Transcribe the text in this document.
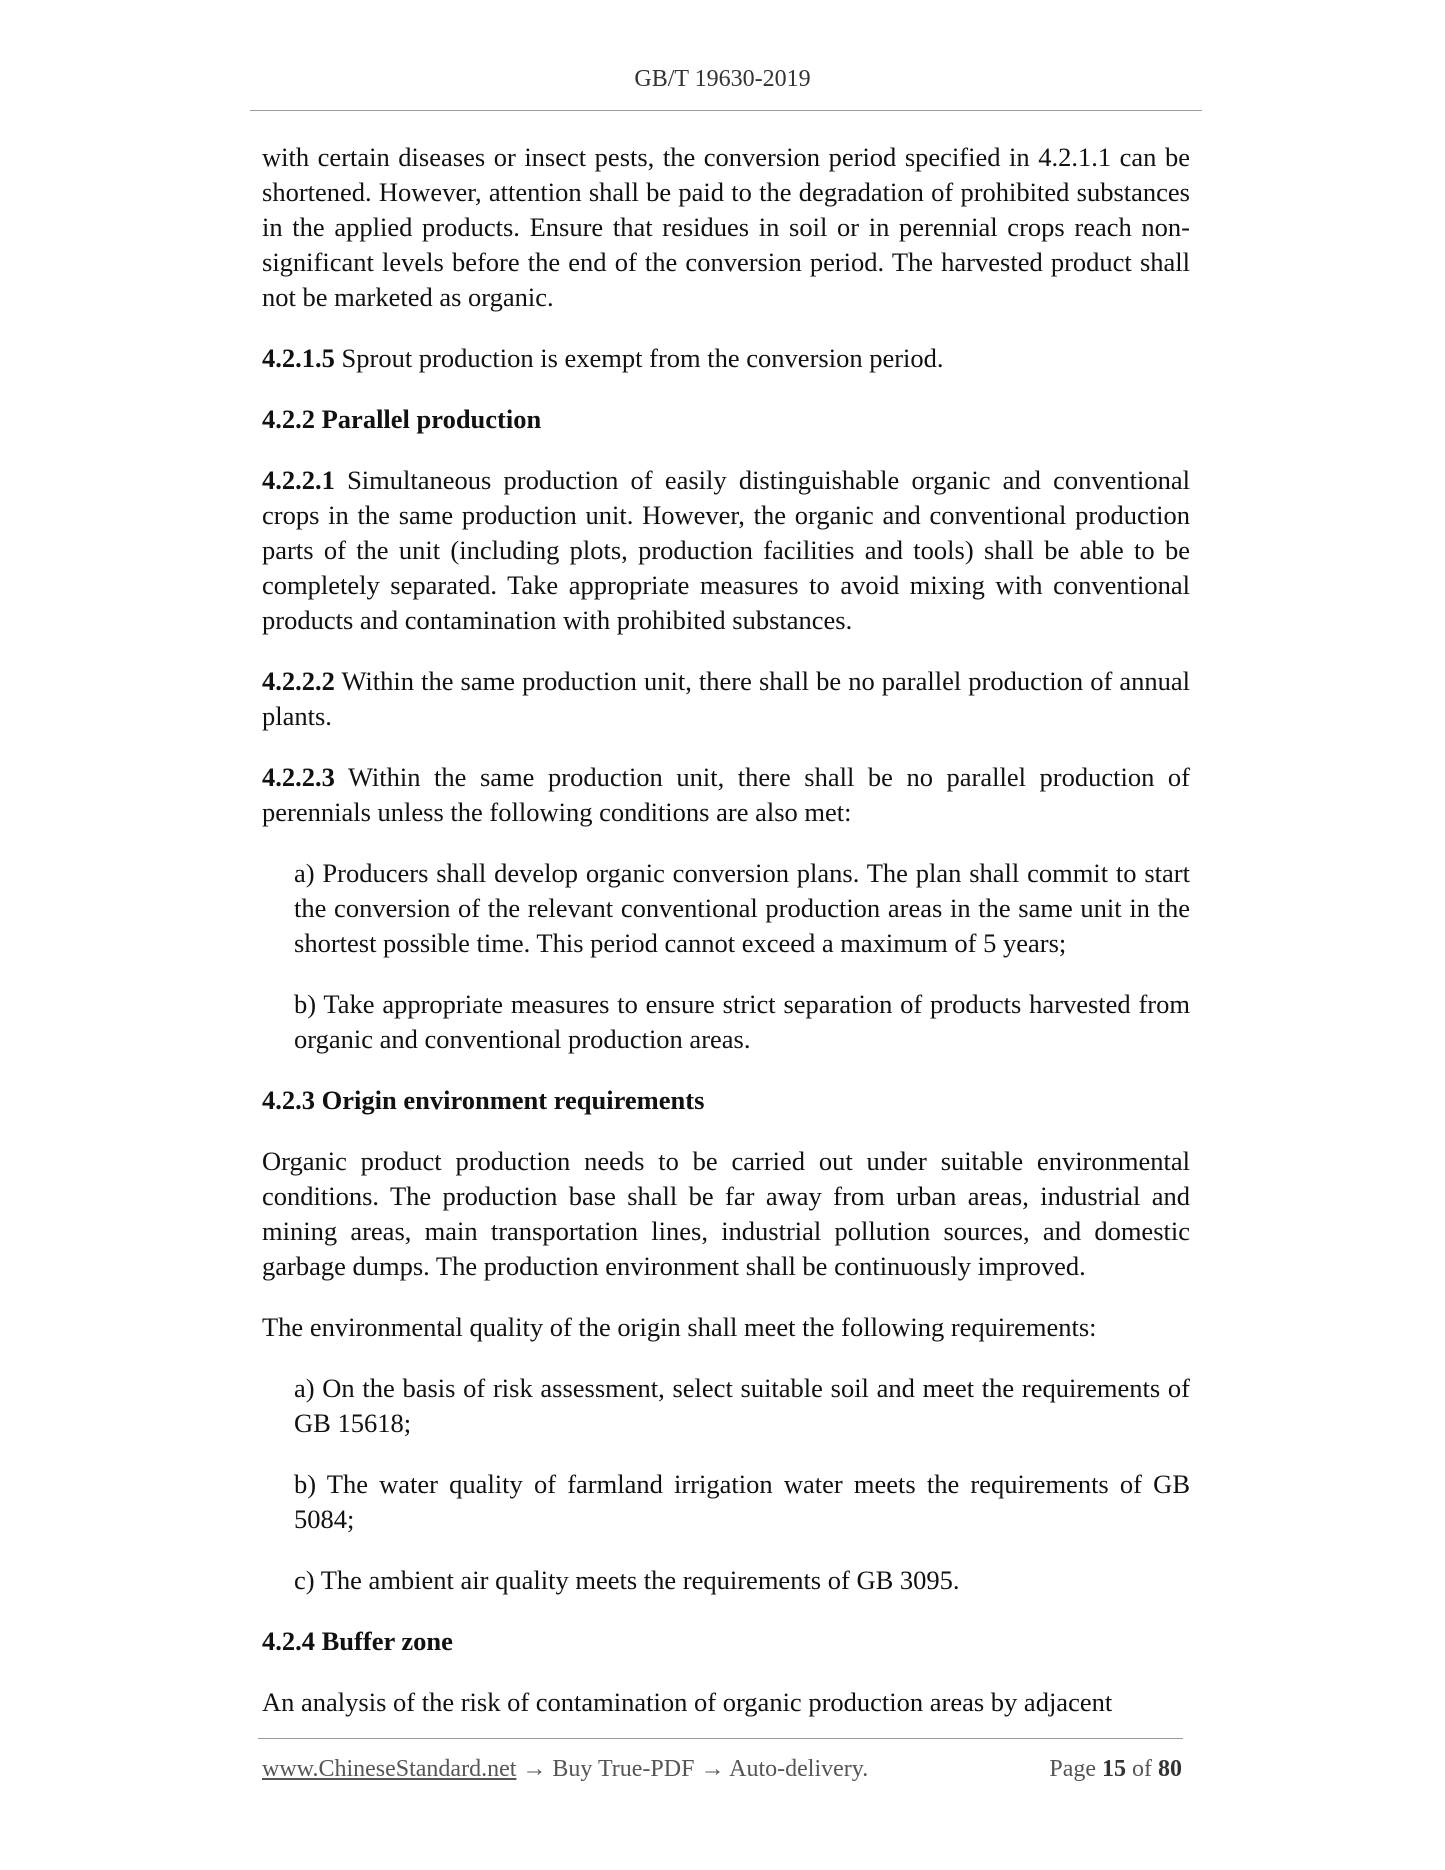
GB/T 19630-2019

with certain diseases or insect pests, the conversion period specified in 4.2.1.1 can be shortened. However, attention shall be paid to the degradation of prohibited substances in the applied products. Ensure that residues in soil or in perennial crops reach non-significant levels before the end of the conversion period. The harvested product shall not be marketed as organic.

4.2.1.5 Sprout production is exempt from the conversion period.

4.2.2 Parallel production

4.2.2.1 Simultaneous production of easily distinguishable organic and conventional crops in the same production unit. However, the organic and conventional production parts of the unit (including plots, production facilities and tools) shall be able to be completely separated. Take appropriate measures to avoid mixing with conventional products and contamination with prohibited substances.

4.2.2.2 Within the same production unit, there shall be no parallel production of annual plants.

4.2.2.3 Within the same production unit, there shall be no parallel production of perennials unless the following conditions are also met:

a) Producers shall develop organic conversion plans. The plan shall commit to start the conversion of the relevant conventional production areas in the same unit in the shortest possible time. This period cannot exceed a maximum of 5 years;

b) Take appropriate measures to ensure strict separation of products harvested from organic and conventional production areas.

4.2.3 Origin environment requirements

Organic product production needs to be carried out under suitable environmental conditions. The production base shall be far away from urban areas, industrial and mining areas, main transportation lines, industrial pollution sources, and domestic garbage dumps. The production environment shall be continuously improved.

The environmental quality of the origin shall meet the following requirements:

a) On the basis of risk assessment, select suitable soil and meet the requirements of GB 15618;

b) The water quality of farmland irrigation water meets the requirements of GB 5084;

c) The ambient air quality meets the requirements of GB 3095.

4.2.4 Buffer zone

An analysis of the risk of contamination of organic production areas by adjacent

www.ChineseStandard.net → Buy True-PDF → Auto-delivery.	Page 15 of 80
